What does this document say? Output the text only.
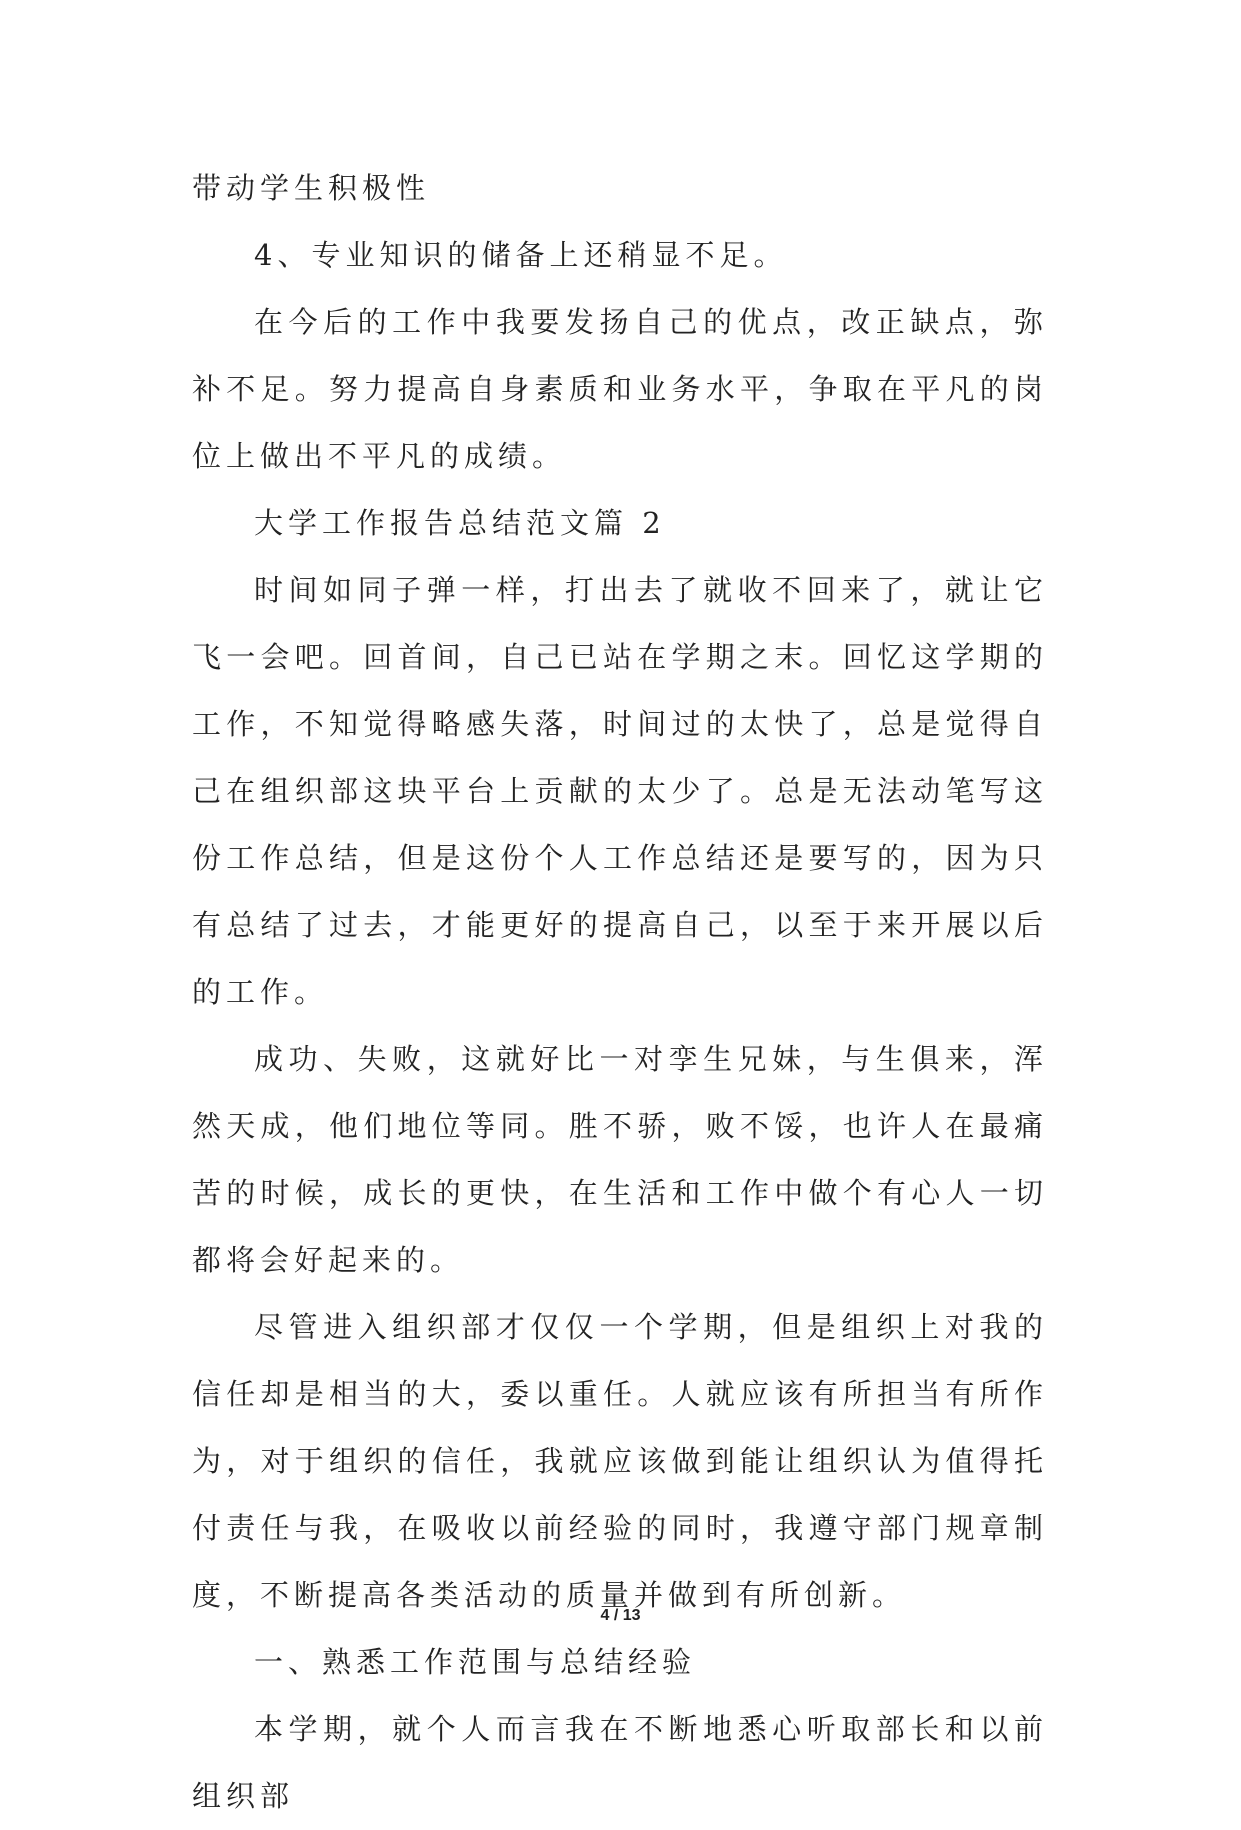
带动学生积极性

4、专业知识的储备上还稍显不足。

在今后的工作中我要发扬自己的优点，改正缺点，弥补不足。努力提高自身素质和业务水平，争取在平凡的岗位上做出不平凡的成绩。

大学工作报告总结范文篇 2

时间如同子弹一样，打出去了就收不回来了，就让它飞一会吧。回首间，自己已站在学期之末。回忆这学期的工作，不知觉得略感失落，时间过的太快了，总是觉得自己在组织部这块平台上贡献的太少了。总是无法动笔写这份工作总结，但是这份个人工作总结还是要写的，因为只有总结了过去，才能更好的提高自己，以至于来开展以后的工作。

成功、失败，这就好比一对孪生兄妹，与生俱来，浑然天成，他们地位等同。胜不骄，败不馁，也许人在最痛苦的时候，成长的更快，在生活和工作中做个有心人一切都将会好起来的。

尽管进入组织部才仅仅一个学期，但是组织上对我的信任却是相当的大，委以重任。人就应该有所担当有所作为，对于组织的信任，我就应该做到能让组织认为值得托付责任与我，在吸收以前经验的同时，我遵守部门规章制度，不断提高各类活动的质量并做到有所创新。

一、熟悉工作范围与总结经验

本学期，就个人而言我在不断地悉心听取部长和以前组织部

4 / 13
